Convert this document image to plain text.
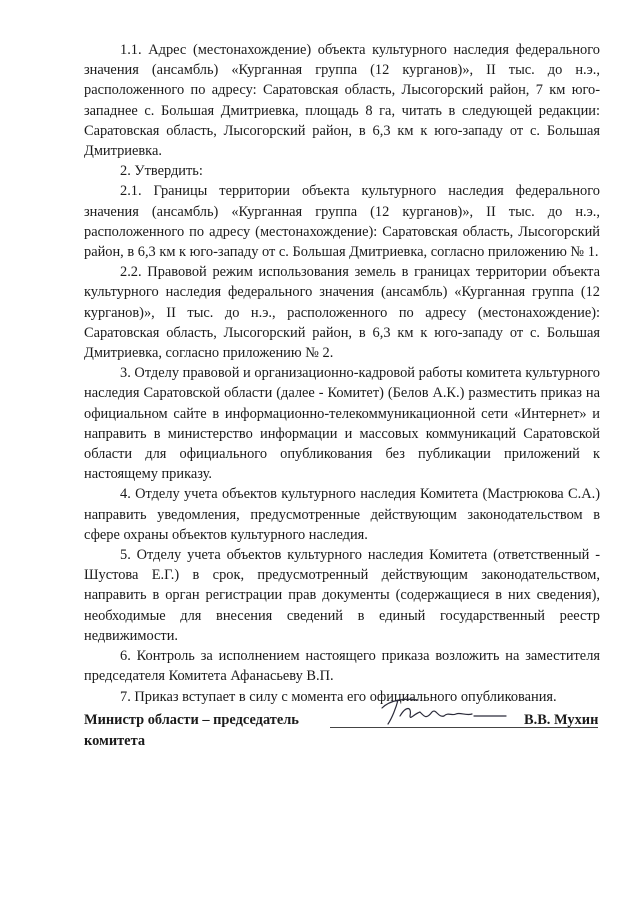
1.1. Адрес (местонахождение) объекта культурного наследия федерального значения (ансамбль) «Курганная группа (12 курганов)», II тыс. до н.э., расположенного по адресу: Саратовская область, Лысогорский район, 7 км юго-западнее с. Большая Дмитриевка, площадь 8 га, читать в следующей редакции: Саратовская область, Лысогорский район, в 6,3 км к юго-западу от с. Большая Дмитриевка.

2. Утвердить:

2.1. Границы территории объекта культурного наследия федерального значения (ансамбль) «Курганная группа (12 курганов)», II тыс. до н.э., расположенного по адресу (местонахождение): Саратовская область, Лысогорский район, в 6,3 км к юго-западу от с. Большая Дмитриевка, согласно приложению № 1.

2.2. Правовой режим использования земель в границах территории объекта культурного наследия федерального значения (ансамбль) «Курганная группа (12 курганов)», II тыс. до н.э., расположенного по адресу (местонахождение): Саратовская область, Лысогорский район, в 6,3 км к юго-западу от с. Большая Дмитриевка, согласно приложению № 2.

3. Отделу правовой и организационно-кадровой работы комитета культурного наследия Саратовской области (далее - Комитет) (Белов А.К.) разместить приказ на официальном сайте в информационно-телекоммуникационной сети «Интернет» и направить в министерство информации и массовых коммуникаций Саратовской области для официального опубликования без публикации приложений к настоящему приказу.

4. Отделу учета объектов культурного наследия Комитета (Мастрюкова С.А.) направить уведомления, предусмотренные действующим законодательством в сфере охраны объектов культурного наследия.

5. Отделу учета объектов культурного наследия Комитета (ответственный - Шустова Е.Г.) в срок, предусмотренный действующим законодательством, направить в орган регистрации прав документы (содержащиеся в них сведения), необходимые для внесения сведений в единый государственный реестр недвижимости.

6. Контроль за исполнением настоящего приказа возложить на заместителя председателя Комитета Афанасьеву В.П.

7. Приказ вступает в силу с момента его официального опубликования.

Министр области – председатель
комитета
В.В. Мухин
